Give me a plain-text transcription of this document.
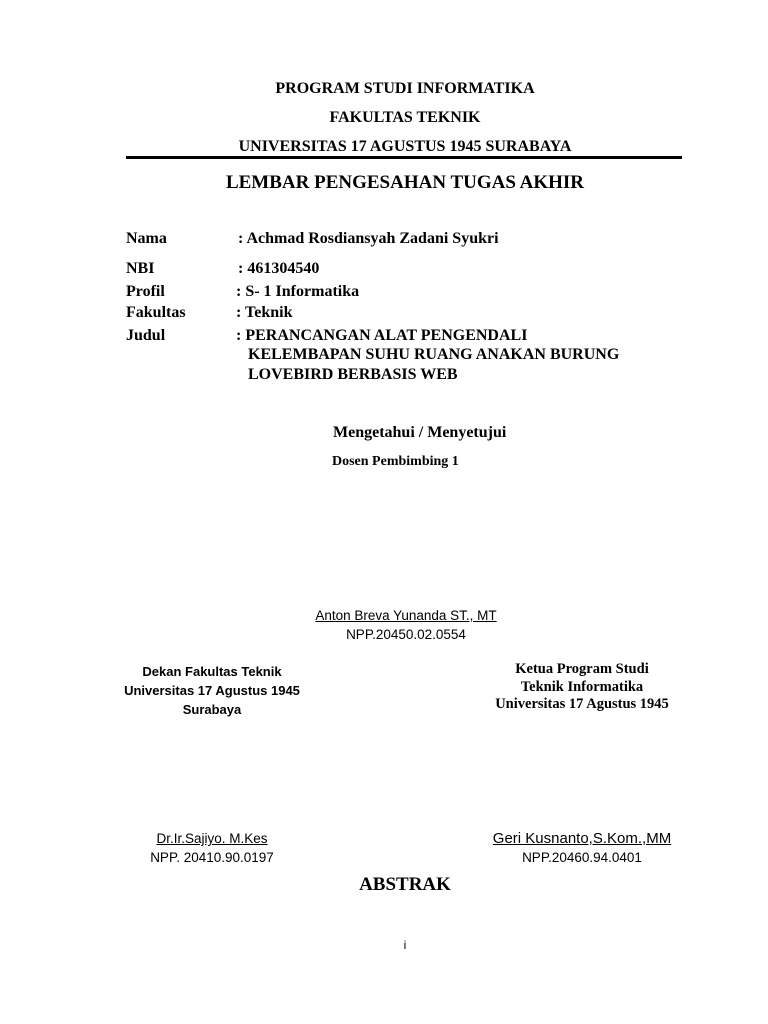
PROGRAM STUDI INFORMATIKA
FAKULTAS TEKNIK
UNIVERSITAS 17 AGUSTUS 1945 SURABAYA
LEMBAR PENGESAHAN TUGAS AKHIR
Nama	: Achmad Rosdiansyah Zadani Syukri
NBI	: 461304540
Profil	: S- 1 Informatika
Fakultas	: Teknik
Judul	: PERANCANGAN ALAT PENGENDALI
KELEMBAPAN SUHU RUANG ANAKAN BURUNG
LOVEBIRD BERBASIS WEB
Mengetahui / Menyetujui
Dosen Pembimbing 1
Anton Breva Yunanda ST., MT
NPP.20450.02.0554
Dekan Fakultas Teknik
Universitas 17 Agustus 1945
Surabaya
Dr.Ir.Sajiyo. M.Kes
NPP. 20410.90.0197
Ketua Program Studi
Teknik Informatika
Universitas 17 Agustus 1945
Geri Kusnanto,S.Kom.,MM
NPP.20460.94.0401
ABSTRAK
i
